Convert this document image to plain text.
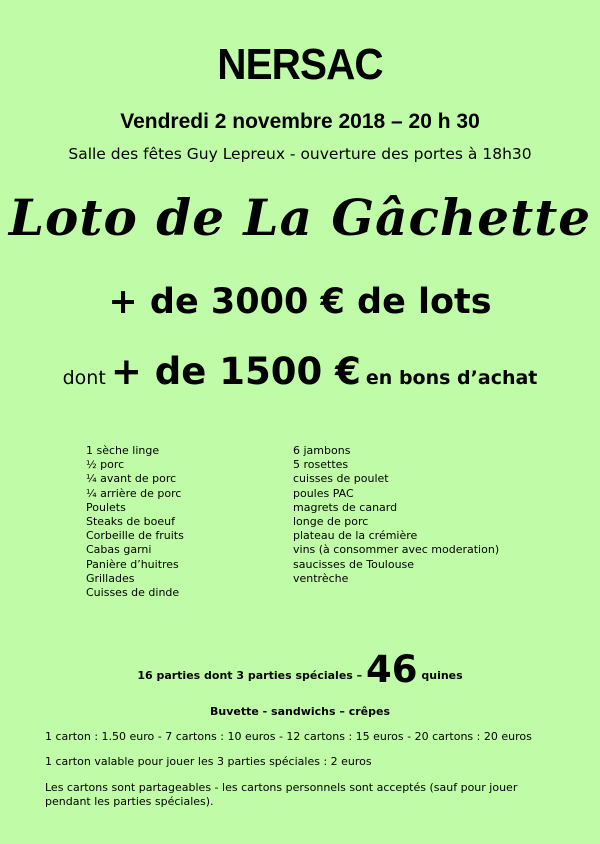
NERSAC
Vendredi 2 novembre 2018 – 20 h 30
Salle des fêtes Guy Lepreux - ouverture des portes à 18h30
Loto de La Gâchette
+ de 3000 € de lots
dont + de 1500 € en bons d’achat
1 sèche linge
½ porc
¼ avant de porc
¼ arrière de porc
Poulets
Steaks de boeuf
Corbeille de fruits
Cabas garni
Panière d’huitres
Grillades
Cuisses de dinde
6 jambons
5 rosettes
cuisses de poulet
poules PAC
magrets de canard
longe de porc
plateau de la crémière
vins (à consommer avec moderation)
saucisses de Toulouse
ventrèche
16 parties dont 3 parties spéciales – 46 quines
Buvette - sandwichs – crêpes
1 carton : 1.50 euro - 7 cartons : 10 euros - 12 cartons : 15 euros - 20 cartons : 20 euros
1 carton valable pour jouer les 3 parties spéciales : 2 euros
Les cartons sont partageables - les cartons personnels sont acceptés (sauf pour jouer pendant les parties spéciales).
